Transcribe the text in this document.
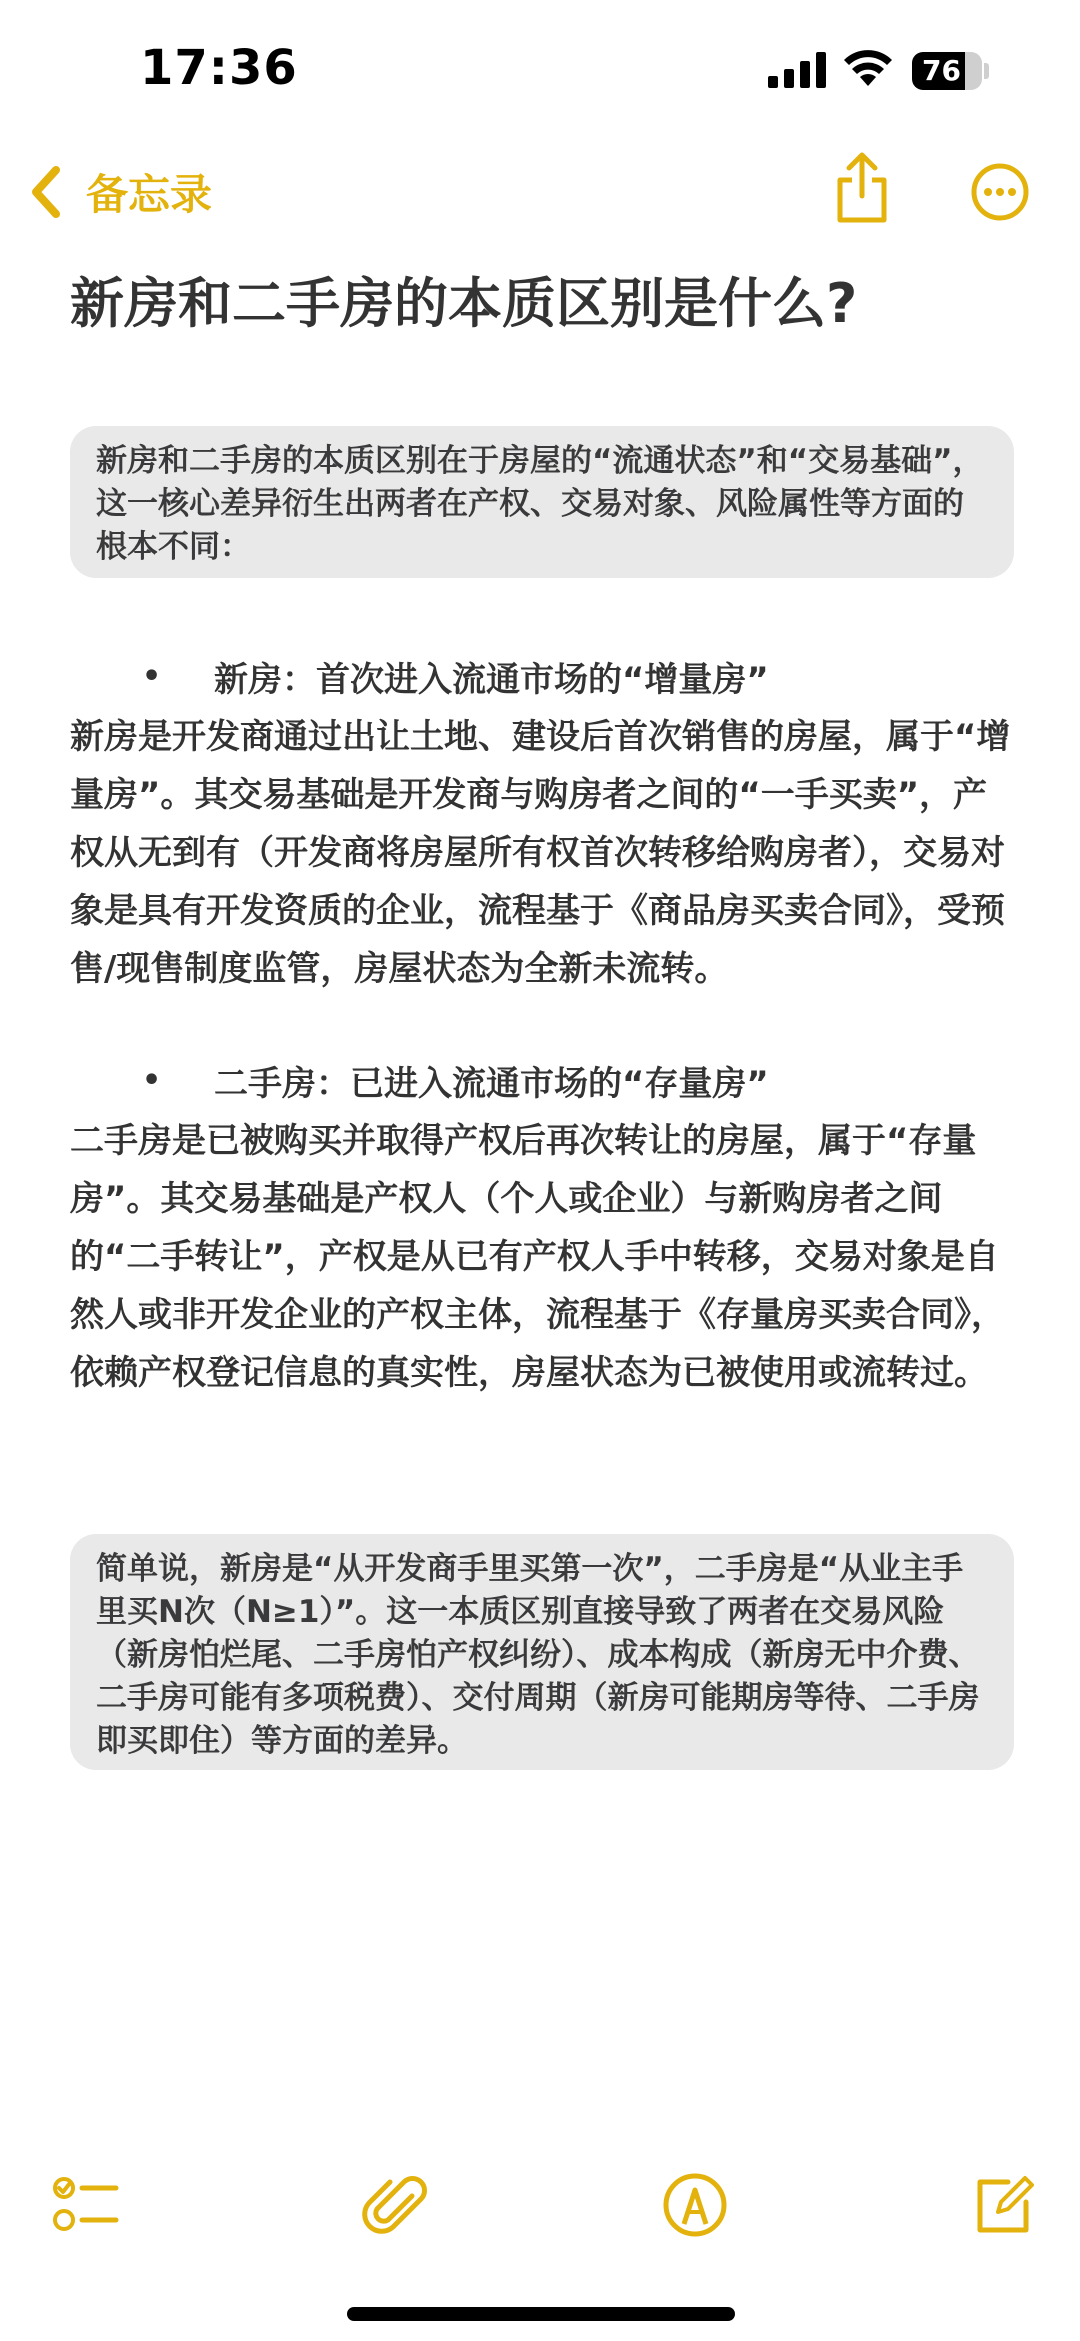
17:36	76
备忘录
新房和二手房的本质区别是什么?

新房和二手房的本质区别在于房屋的“流通状态”和“交易基础”，这一核心差异衍生出两者在产权、交易对象、风险属性等方面的根本不同：

•	新房：首次进入流通市场的“增量房”

新房是开发商通过出让土地、建设后首次销售的房屋，属于“增量房”。其交易基础是开发商与购房者之间的“一手买卖”，产权从无到有（开发商将房屋所有权首次转移给购房者），交易对象是具有开发资质的企业，流程基于《商品房买卖合同》，受预售/现售制度监管，房屋状态为全新未流转。

•	二手房：已进入流通市场的“存量房”

二手房是已被购买并取得产权后再次转让的房屋，属于“存量房”。其交易基础是产权人（个人或企业）与新购房者之间的“二手转让”，产权是从已有产权人手中转移，交易对象是自然人或非开发企业的产权主体，流程基于《存量房买卖合同》，依赖产权登记信息的真实性，房屋状态为已被使用或流转过。

简单说，新房是“从开发商手里买第一次”，二手房是“从业主手里买N次（N≥1）”。这一本质区别直接导致了两者在交易风险（新房怕烂尾、二手房怕产权纠纷）、成本构成（新房无中介费、二手房可能有多项税费）、交付周期（新房可能期房等待、二手房即买即住）等方面的差异。
